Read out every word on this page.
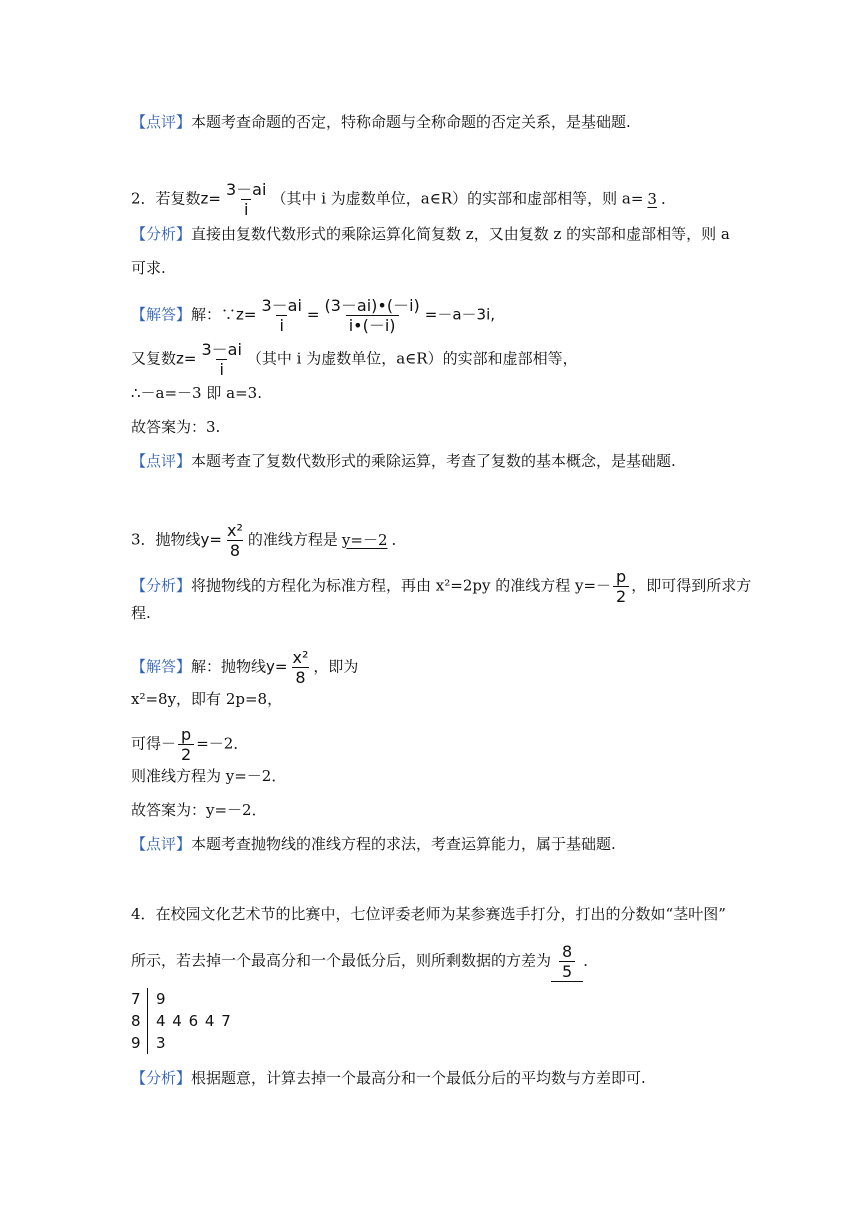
【点评】本题考查命题的否定，特称命题与全称命题的否定关系，是基础题.
2．若复数$z= \frac{3-ai}{i}$ （其中 i 为虚数单位，a∈R）的实部和虚部相等，则 a= 3 ．
【分析】直接由复数代数形式的乘除运算化简复数 z，又由复数 z 的实部和虚部相等，则 a
可求.
【解答】解：∵z= $\frac{3-ai}{i} = \frac{(3-ai)•(-i)}{i•(-i)} =-a-3i$,
又复数$z= \frac{3-ai}{i}$ （其中 i 为虚数单位，a∈R）的实部和虚部相等，
∴－a=－3 即 a=3.
故答案为：3.
【点评】本题考查了复数代数形式的乘除运算，考查了复数的基本概念，是基础题.
3．抛物线$y= \frac{\text{x²}}{8}$ 的准线方程是 y=－2 ．
【分析】将抛物线的方程化为标准方程，再由 x²=2py 的准线方程 $y=- \frac{p}{2}$ ，即可得到所求方
程.
【解答】解：抛物线$y= \frac{\text{x²}}{8}$ ，即为
x²=8y，即有 2p=8，
可得－ $\frac{p}{2} =-2$．
则准线方程为 y=－2．
故答案为：y=－2．
【点评】本题考查抛物线的准线方程的求法，考查运算能力，属于基础题.
4．在校园文化艺术节的比赛中，七位评委老师为某参赛选手打分，打出的分数如“茎叶图”
所示，若去掉一个最高分和一个最低分后，则所剩数据的方差为 $\frac{8}{5}$ ．
7	9
8	4 4 6 4 7
9	3
【分析】根据题意，计算去掉一个最高分和一个最低分后的平均数与方差即可.
